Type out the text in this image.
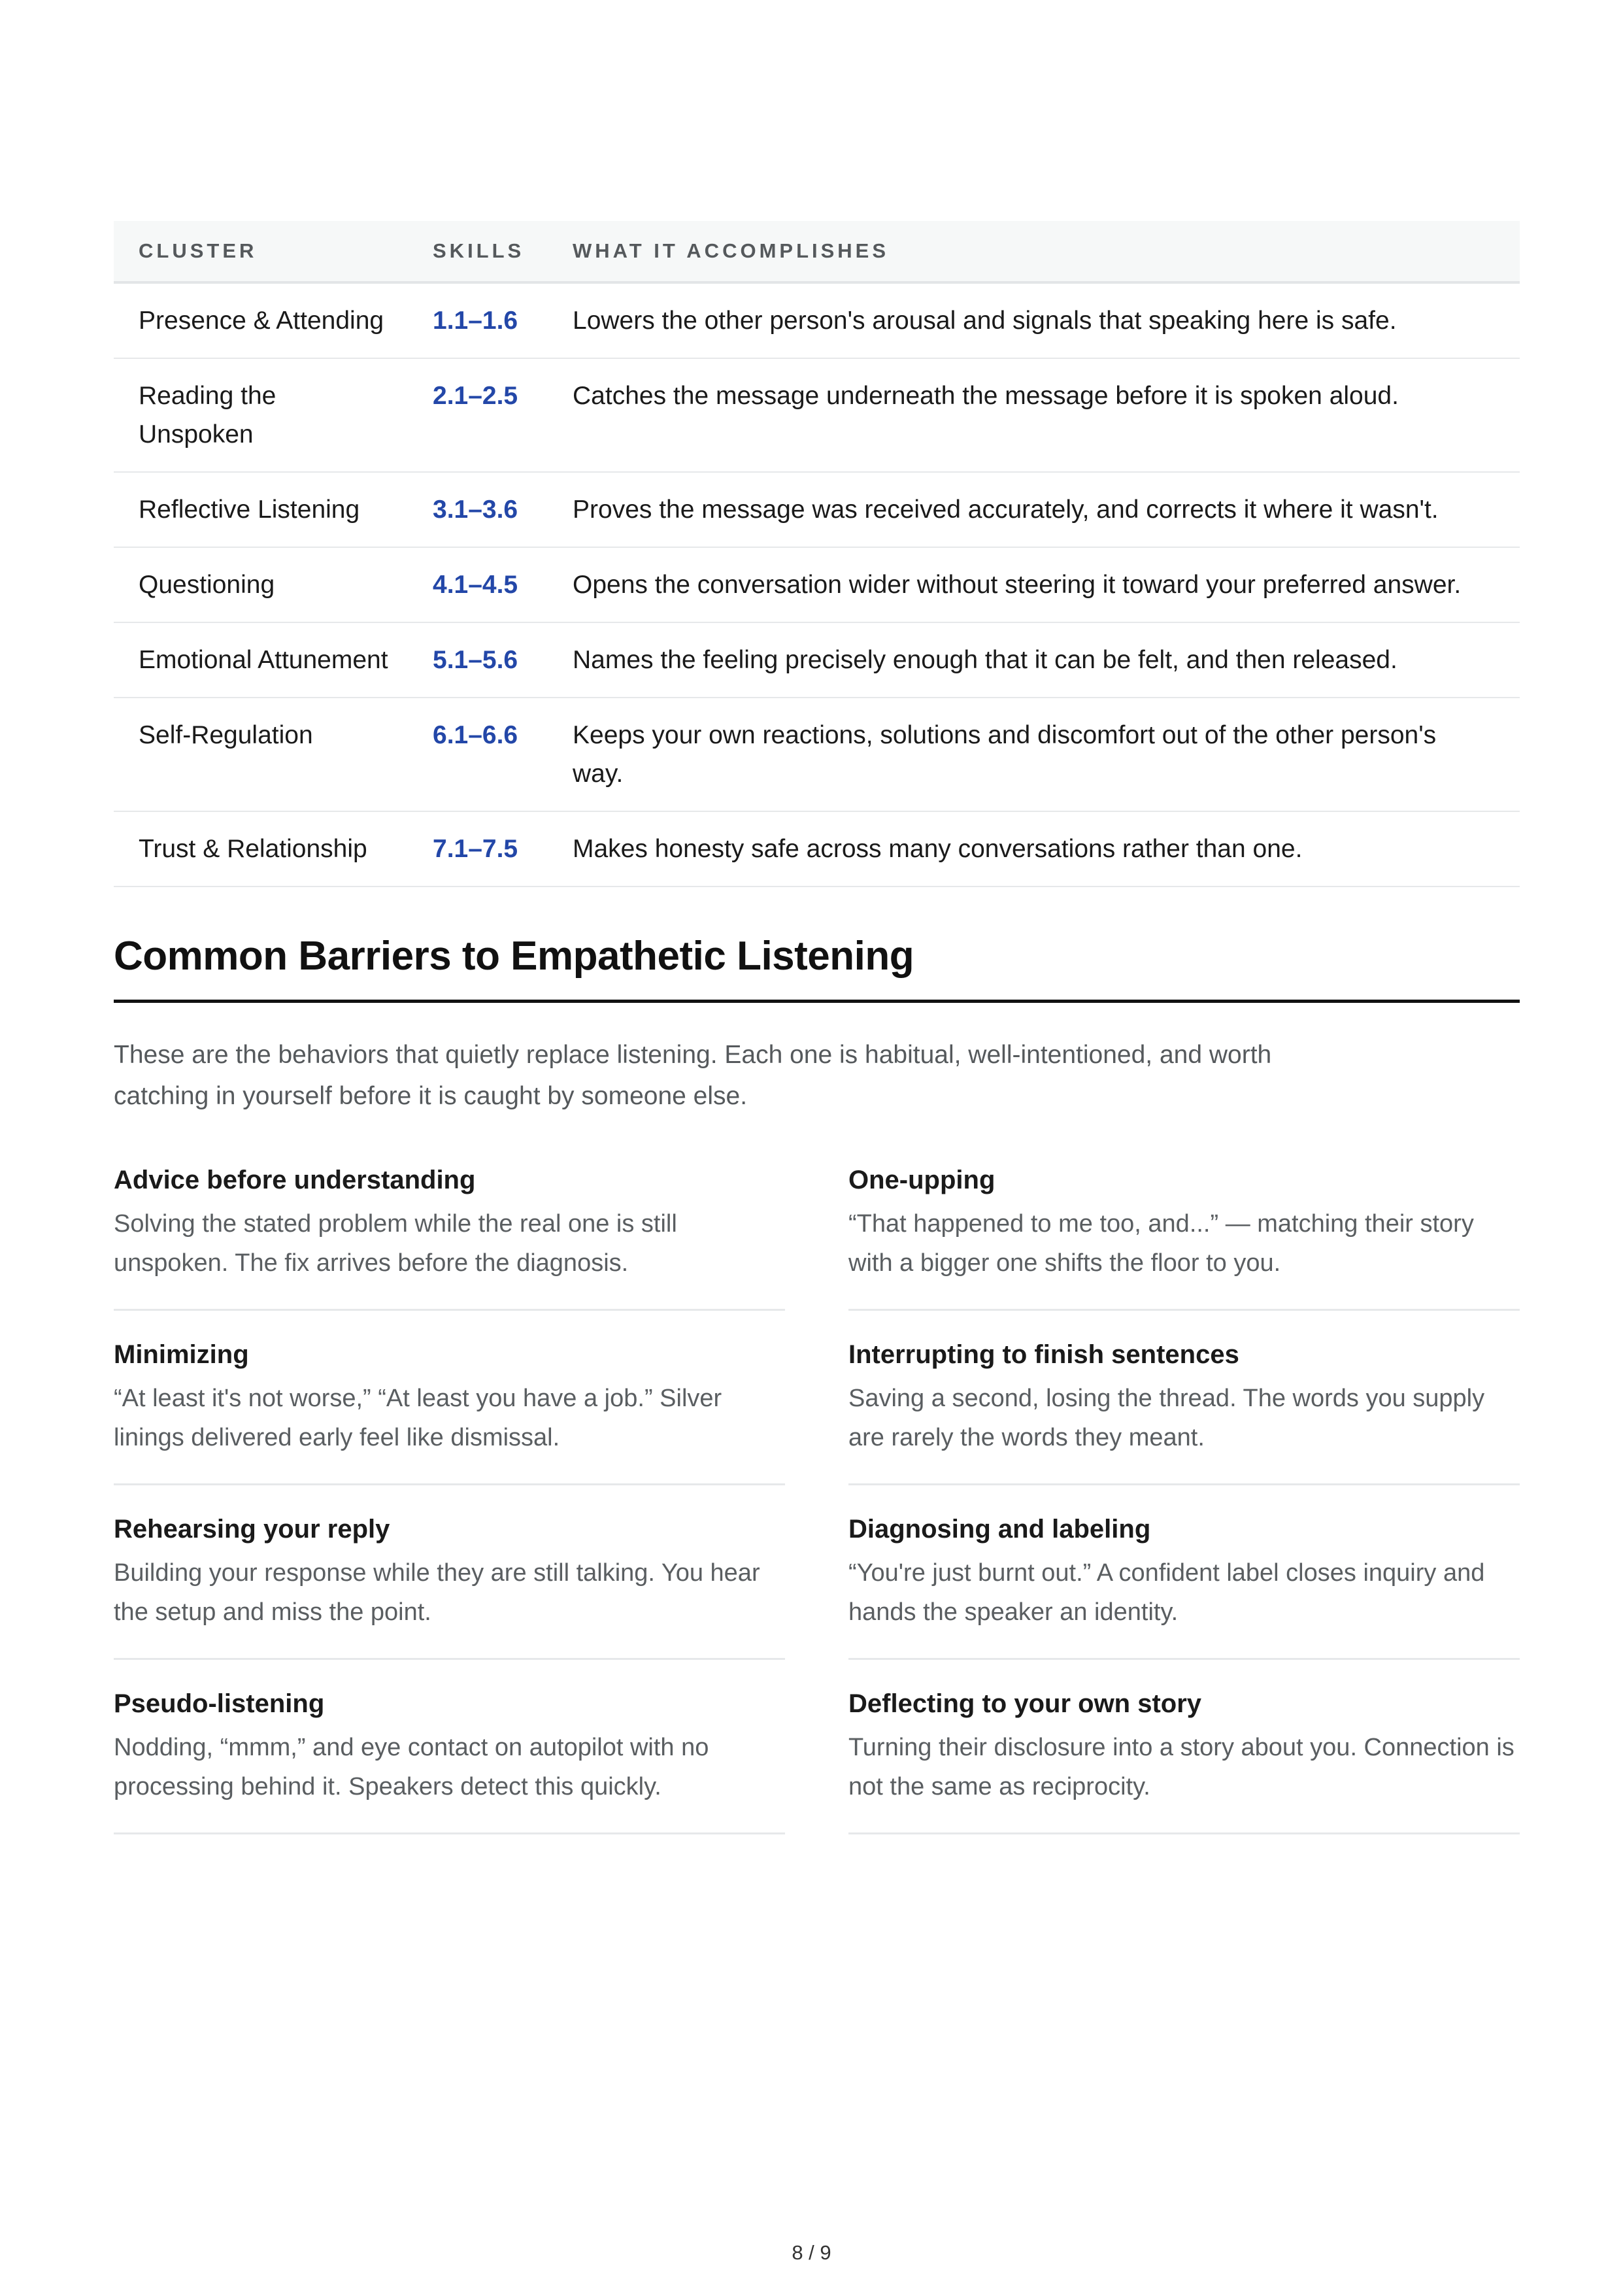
CLUSTER	SKILLS	WHAT IT ACCOMPLISHES
Presence & Attending	1.1–1.6	Lowers the other person's arousal and signals that speaking here is safe.
Reading the Unspoken	2.1–2.5	Catches the message underneath the message before it is spoken aloud.
Reflective Listening	3.1–3.6	Proves the message was received accurately, and corrects it where it wasn't.
Questioning	4.1–4.5	Opens the conversation wider without steering it toward your preferred answer.
Emotional Attunement	5.1–5.6	Names the feeling precisely enough that it can be felt, and then released.
Self-Regulation	6.1–6.6	Keeps your own reactions, solutions and discomfort out of the other person's way.
Trust & Relationship	7.1–7.5	Makes honesty safe across many conversations rather than one.
Common Barriers to Empathetic Listening

These are the behaviors that quietly replace listening. Each one is habitual, well-intentioned, and worth catching in yourself before it is caught by someone else.

Advice before understanding

Solving the stated problem while the real one is still unspoken. The fix arrives before the diagnosis.

One-upping

“That happened to me too, and...” — matching their story with a bigger one shifts the floor to you.

Minimizing

“At least it's not worse,” “At least you have a job.” Silver linings delivered early feel like dismissal.

Interrupting to finish sentences

Saving a second, losing the thread. The words you supply are rarely the words they meant.

Rehearsing your reply

Building your response while they are still talking. You hear the setup and miss the point.

Diagnosing and labeling

“You're just burnt out.” A confident label closes inquiry and hands the speaker an identity.

Pseudo-listening

Nodding, “mmm,” and eye contact on autopilot with no processing behind it. Speakers detect this quickly.

Deflecting to your own story

Turning their disclosure into a story about you. Connection is not the same as reciprocity.

8 / 9
